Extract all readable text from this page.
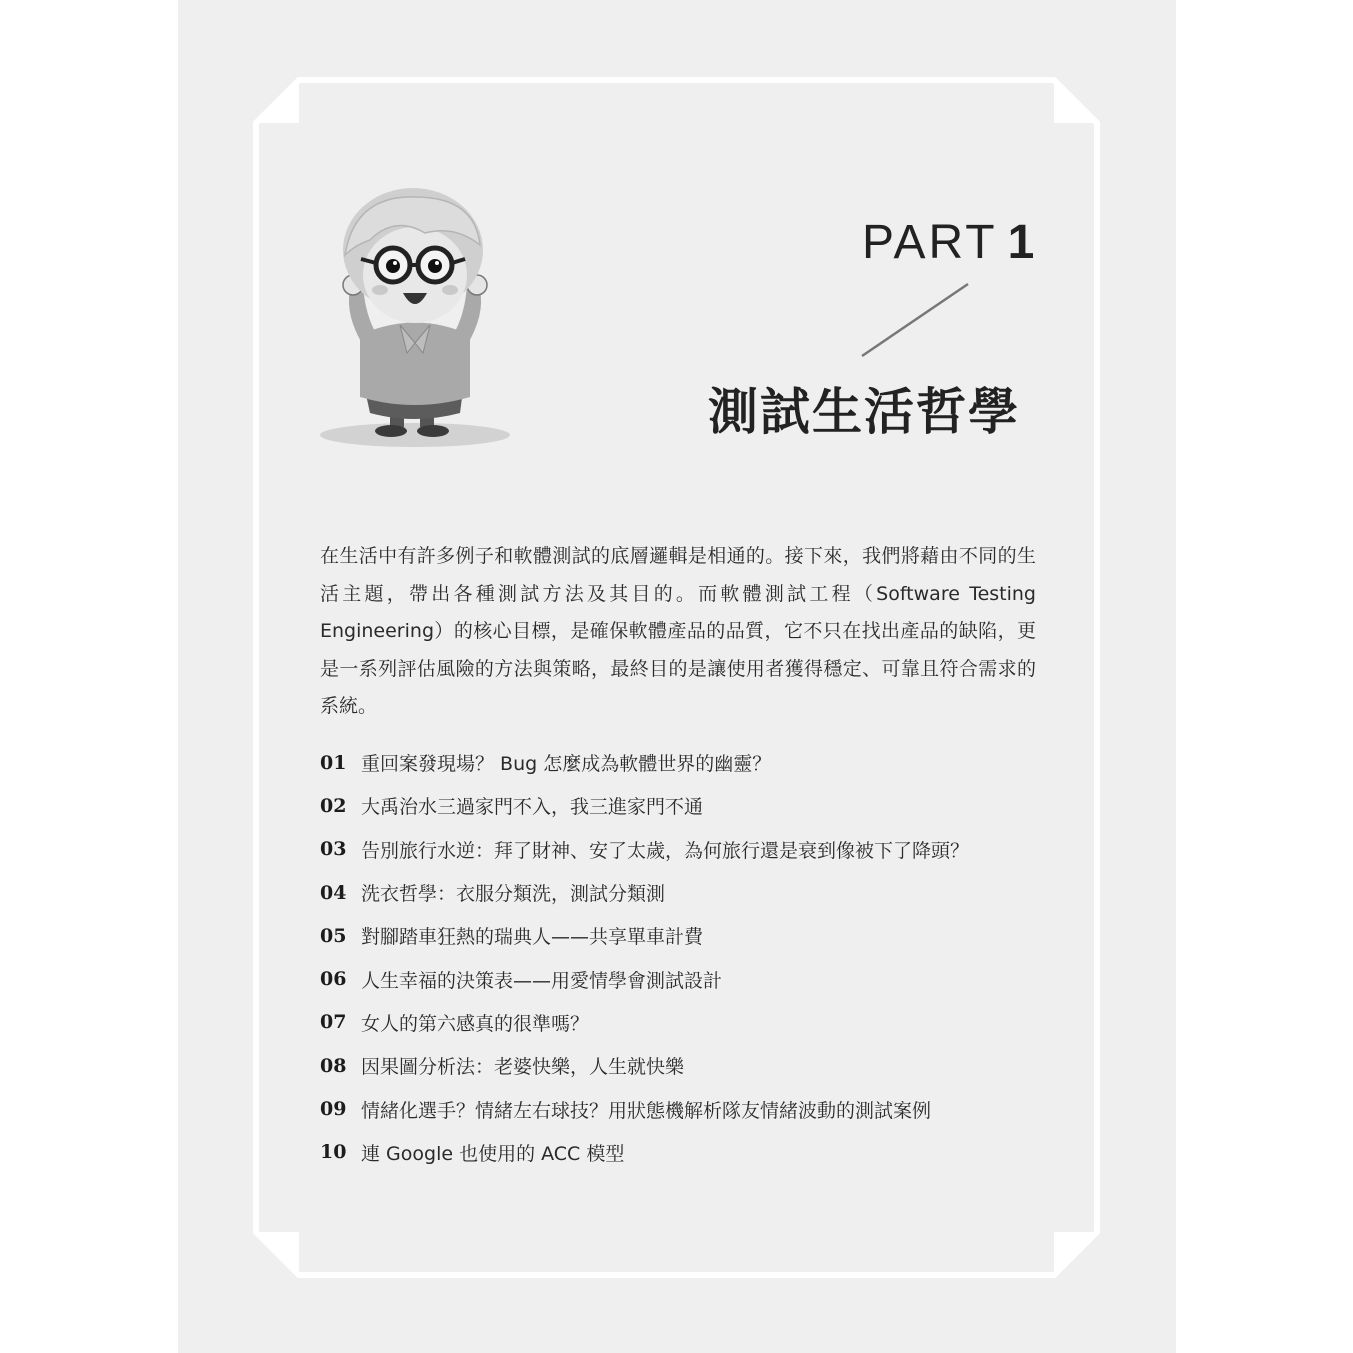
PART 1
測試生活哲學

在生活中有許多例子和軟體測試的底層邏輯是相通的。接下來，我們將藉由不同的生活主題，帶出各種測試方法及其目的。而軟體測試工程（Software Testing Engineering）的核心目標，是確保軟體產品的品質，它不只在找出產品的缺陷，更是一系列評估風險的方法與策略，最終目的是讓使用者獲得穩定、可靠且符合需求的系統。

01 重回案發現場？ Bug 怎麼成為軟體世界的幽靈？
02 大禹治水三過家門不入，我三進家門不通
03 告別旅行水逆：拜了財神、安了太歲，為何旅行還是衰到像被下了降頭？
04 洗衣哲學：衣服分類洗，測試分類測
05 對腳踏車狂熱的瑞典人——共享單車計費
06 人生幸福的決策表——用愛情學會測試設計
07 女人的第六感真的很準嗎？
08 因果圖分析法：老婆快樂，人生就快樂
09 情緒化選手？情緒左右球技？用狀態機解析隊友情緒波動的測試案例
10 連 Google 也使用的 ACC 模型
